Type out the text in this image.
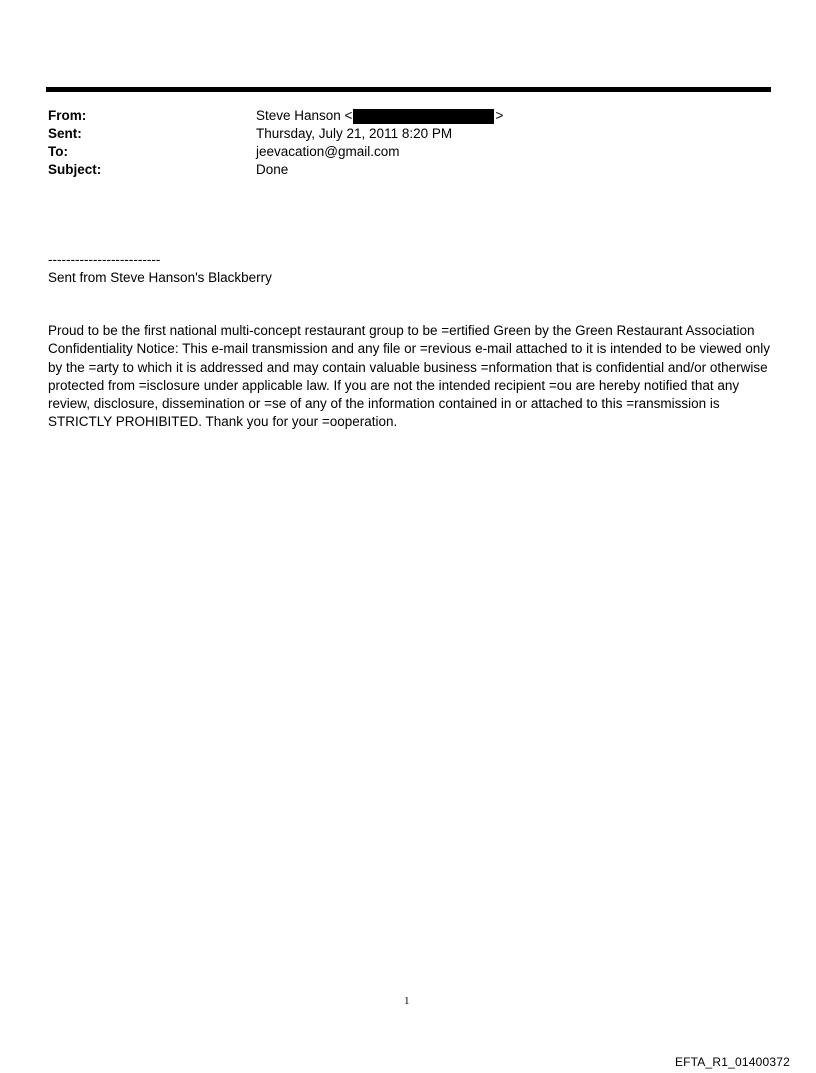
From:	Steve Hanson <	>
Sent:	Thursday, July 21, 2011 8:20 PM
To:	jeevacation@gmail.com
Subject:	Done
-------------------------
Sent from Steve Hanson's Blackberry
Proud to be the first national multi-concept restaurant group to be =ertified Green by the Green Restaurant Association Confidentiality Notice: This e-mail transmission and any file or =revious e-mail attached to it is intended to be viewed only by the =arty to which it is addressed and may contain valuable business =nformation that is confidential and/or otherwise protected from =isclosure under applicable law. If you are not the intended recipient =ou are hereby notified that any review, disclosure, dissemination or =se of any of the information contained in or attached to this =ransmission is STRICTLY PROHIBITED. Thank you for your =ooperation.
1
EFTA_R1_01400372
